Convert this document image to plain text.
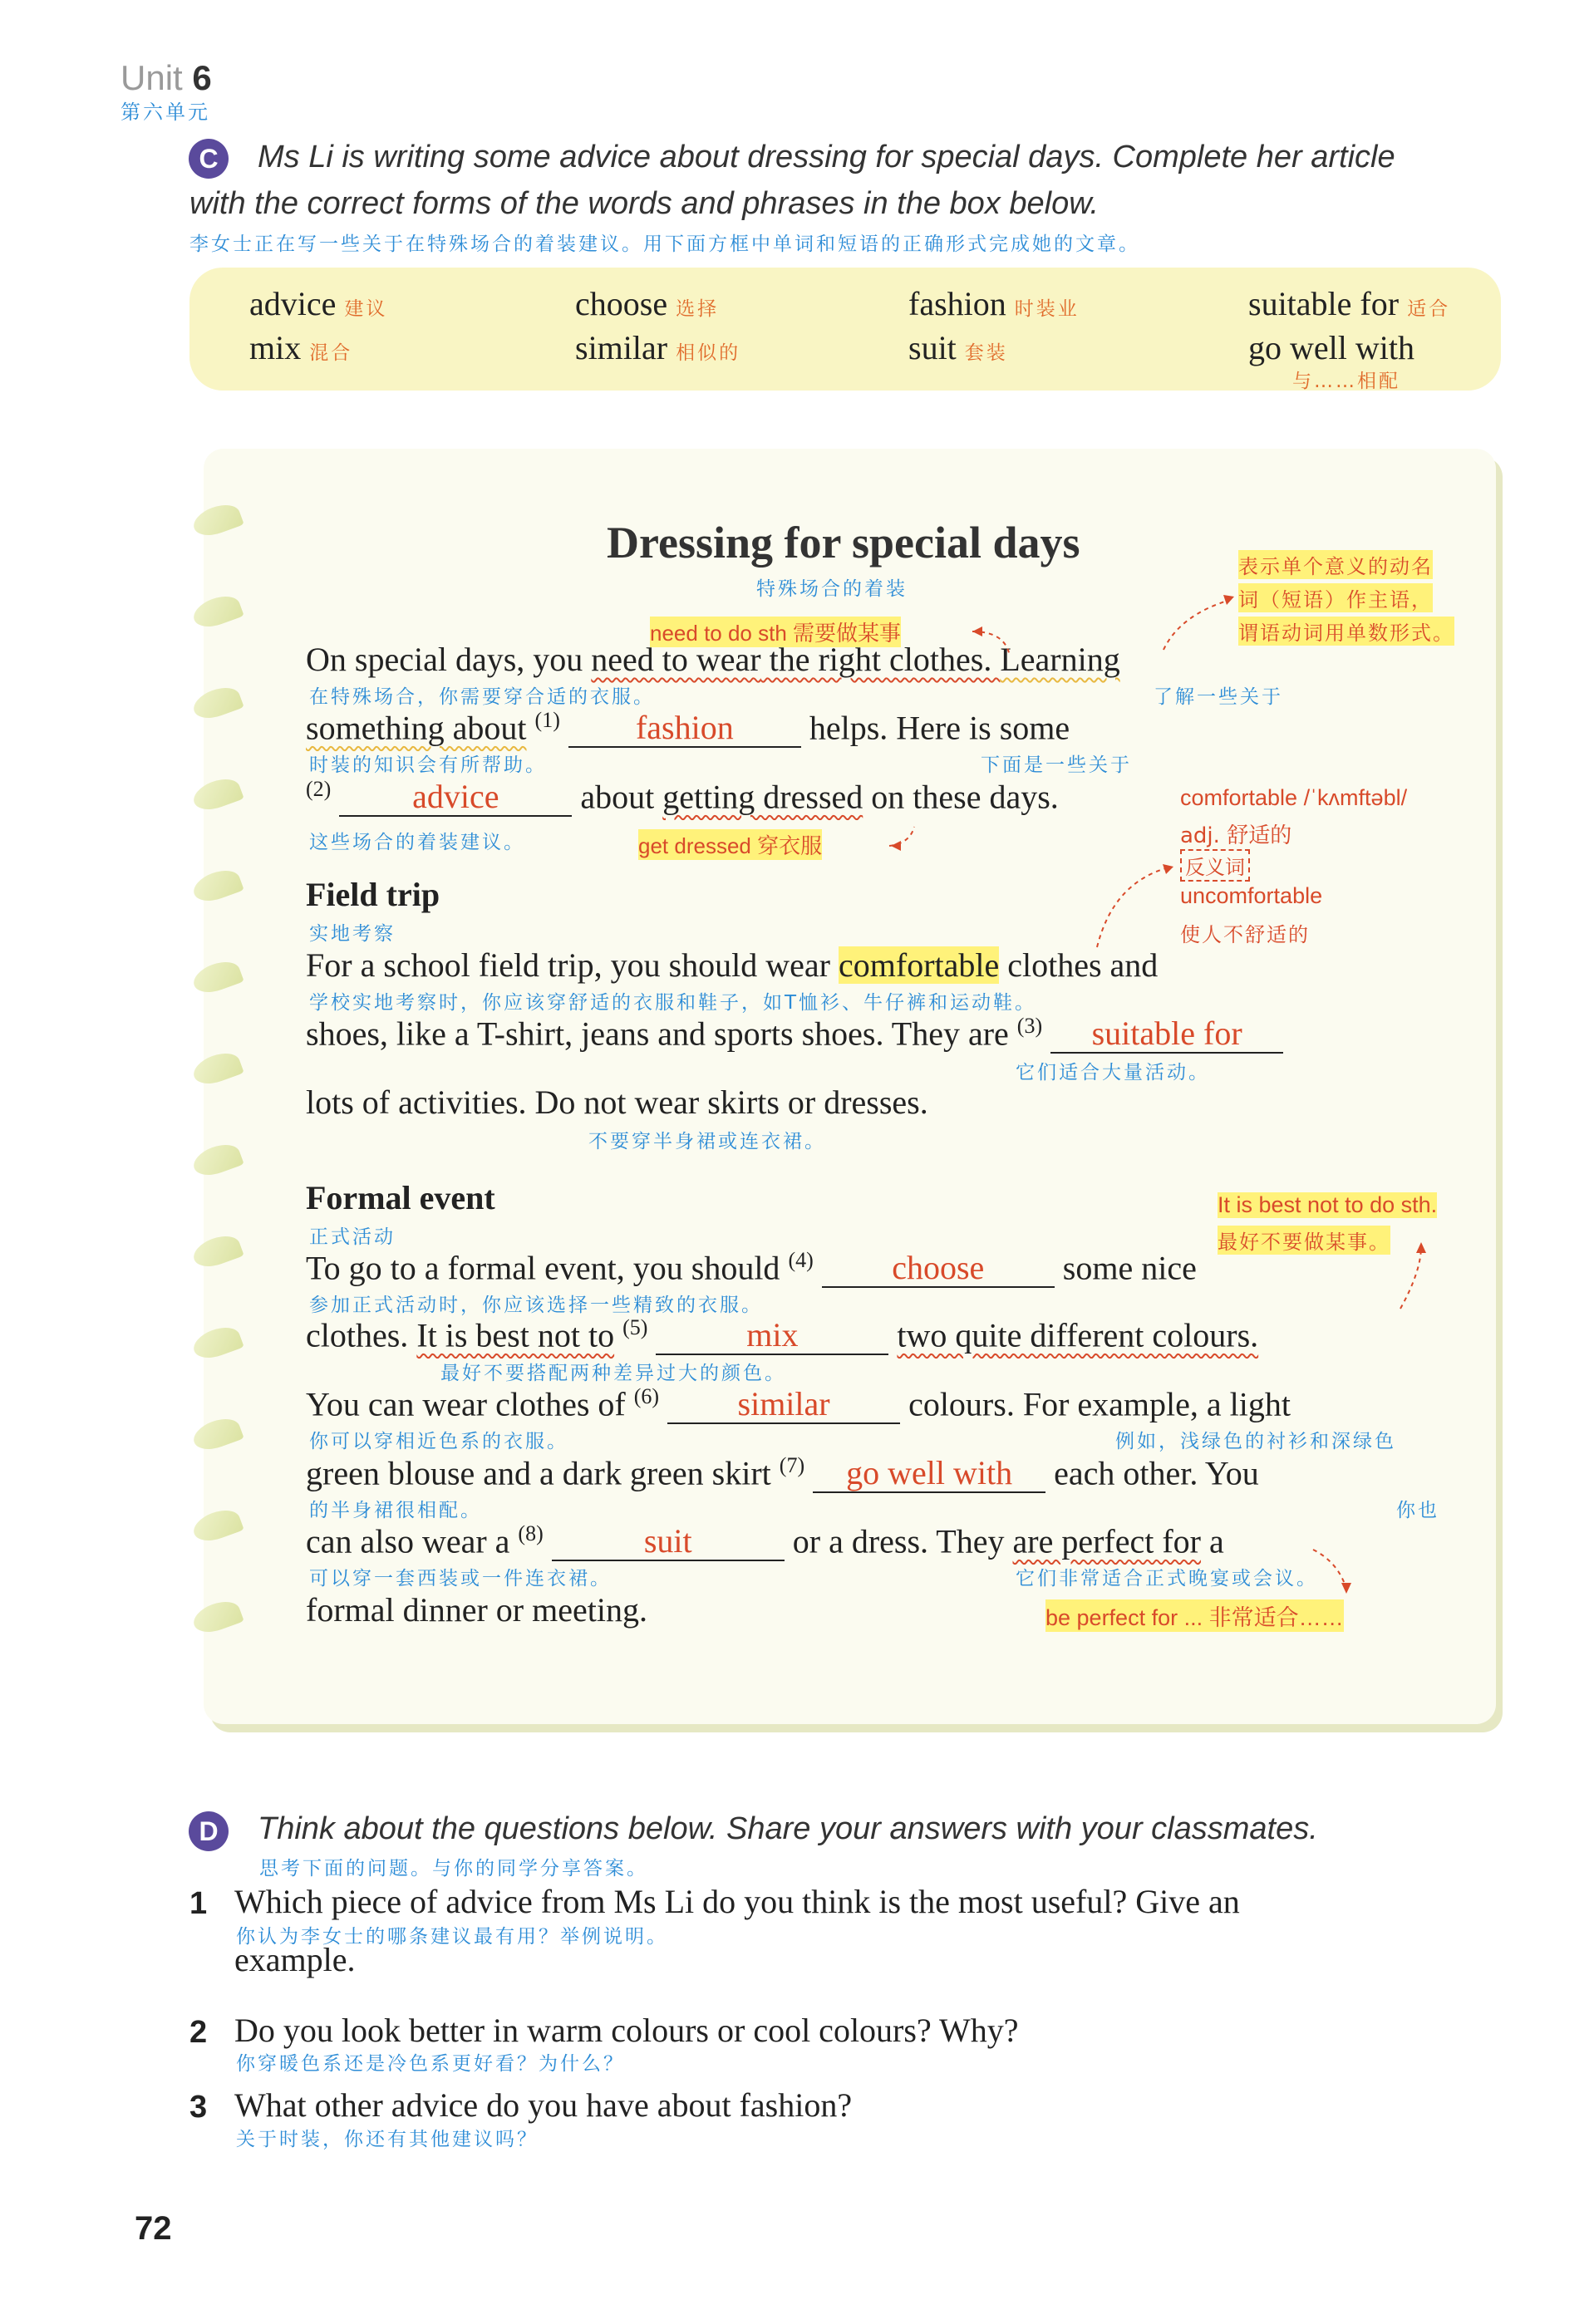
Unit 6
第六单元
C	Ms Li is writing some advice about dressing for special days. Complete her article
with the correct forms of the words and phrases in the box below.
李女士正在写一些关于在特殊场合的着装建议。用下面方框中单词和短语的正确形式完成她的文章。
advice 建议	choose 选择	fashion 时装业	suitable for 适合
mix 混合	similar 相似的	suit 套装	go well with
与……相配
Dressing for special days
特殊场合的着装
表示单个意义的动名
词（短语）作主语，
谓语动词用单数形式。
need to do sth 需要做某事
On special days, you need to wear the right clothes. Learning
在特殊场合，你需要穿合适的衣服。	了解一些关于
something about $^{(1)}$ fashion helps. Here is some
时装的知识会有所帮助。	下面是一些关于
$^{(2)}$ advice about getting dressed on these days.
这些场合的着装建议。	get dressed 穿衣服
comfortable /ˈkʌmftəbl/
adj. 舒适的
反义词
uncomfortable
使人不舒适的
Field trip
实地考察
For a school field trip, you should wear comfortable clothes and
学校实地考察时，你应该穿舒适的衣服和鞋子，如T恤衫、牛仔裤和运动鞋。
shoes, like a T-shirt, jeans and sports shoes. They are $^{(3)}$ suitable for
它们适合大量活动。
lots of activities. Do not wear skirts or dresses.
不要穿半身裙或连衣裙。
Formal event
正式活动
It is best not to do sth.
最好不要做某事。
To go to a formal event, you should $^{(4)}$ choose some nice
参加正式活动时，你应该选择一些精致的衣服。
clothes. It is best not to $^{(5)}$	mix	two quite different colours.
最好不要搭配两种差异过大的颜色。
You can wear clothes of $^{(6)}$ similar colours. For example, a light
你可以穿相近色系的衣服。	例如，浅绿色的衬衫和深绿色
green blouse and a dark green skirt $^{(7)}$ go well with each other. You
的半身裙很相配。	你也
can also wear a $^{(8)}$	suit	or a dress. They are perfect for a
可以穿一套西装或一件连衣裙。	它们非常适合正式晚宴或会议。
formal dinner or meeting.	be perfect for ... 非常适合……
D	Think about the questions below. Share your answers with your classmates.
思考下面的问题。与你的同学分享答案。
1 Which piece of advice from Ms Li do you think is the most useful? Give an
你认为李女士的哪条建议最有用？举例说明。
example.
2 Do you look better in warm colours or cool colours? Why?
你穿暖色系还是冷色系更好看？为什么？
3 What other advice do you have about fashion?
关于时装，你还有其他建议吗？
72
